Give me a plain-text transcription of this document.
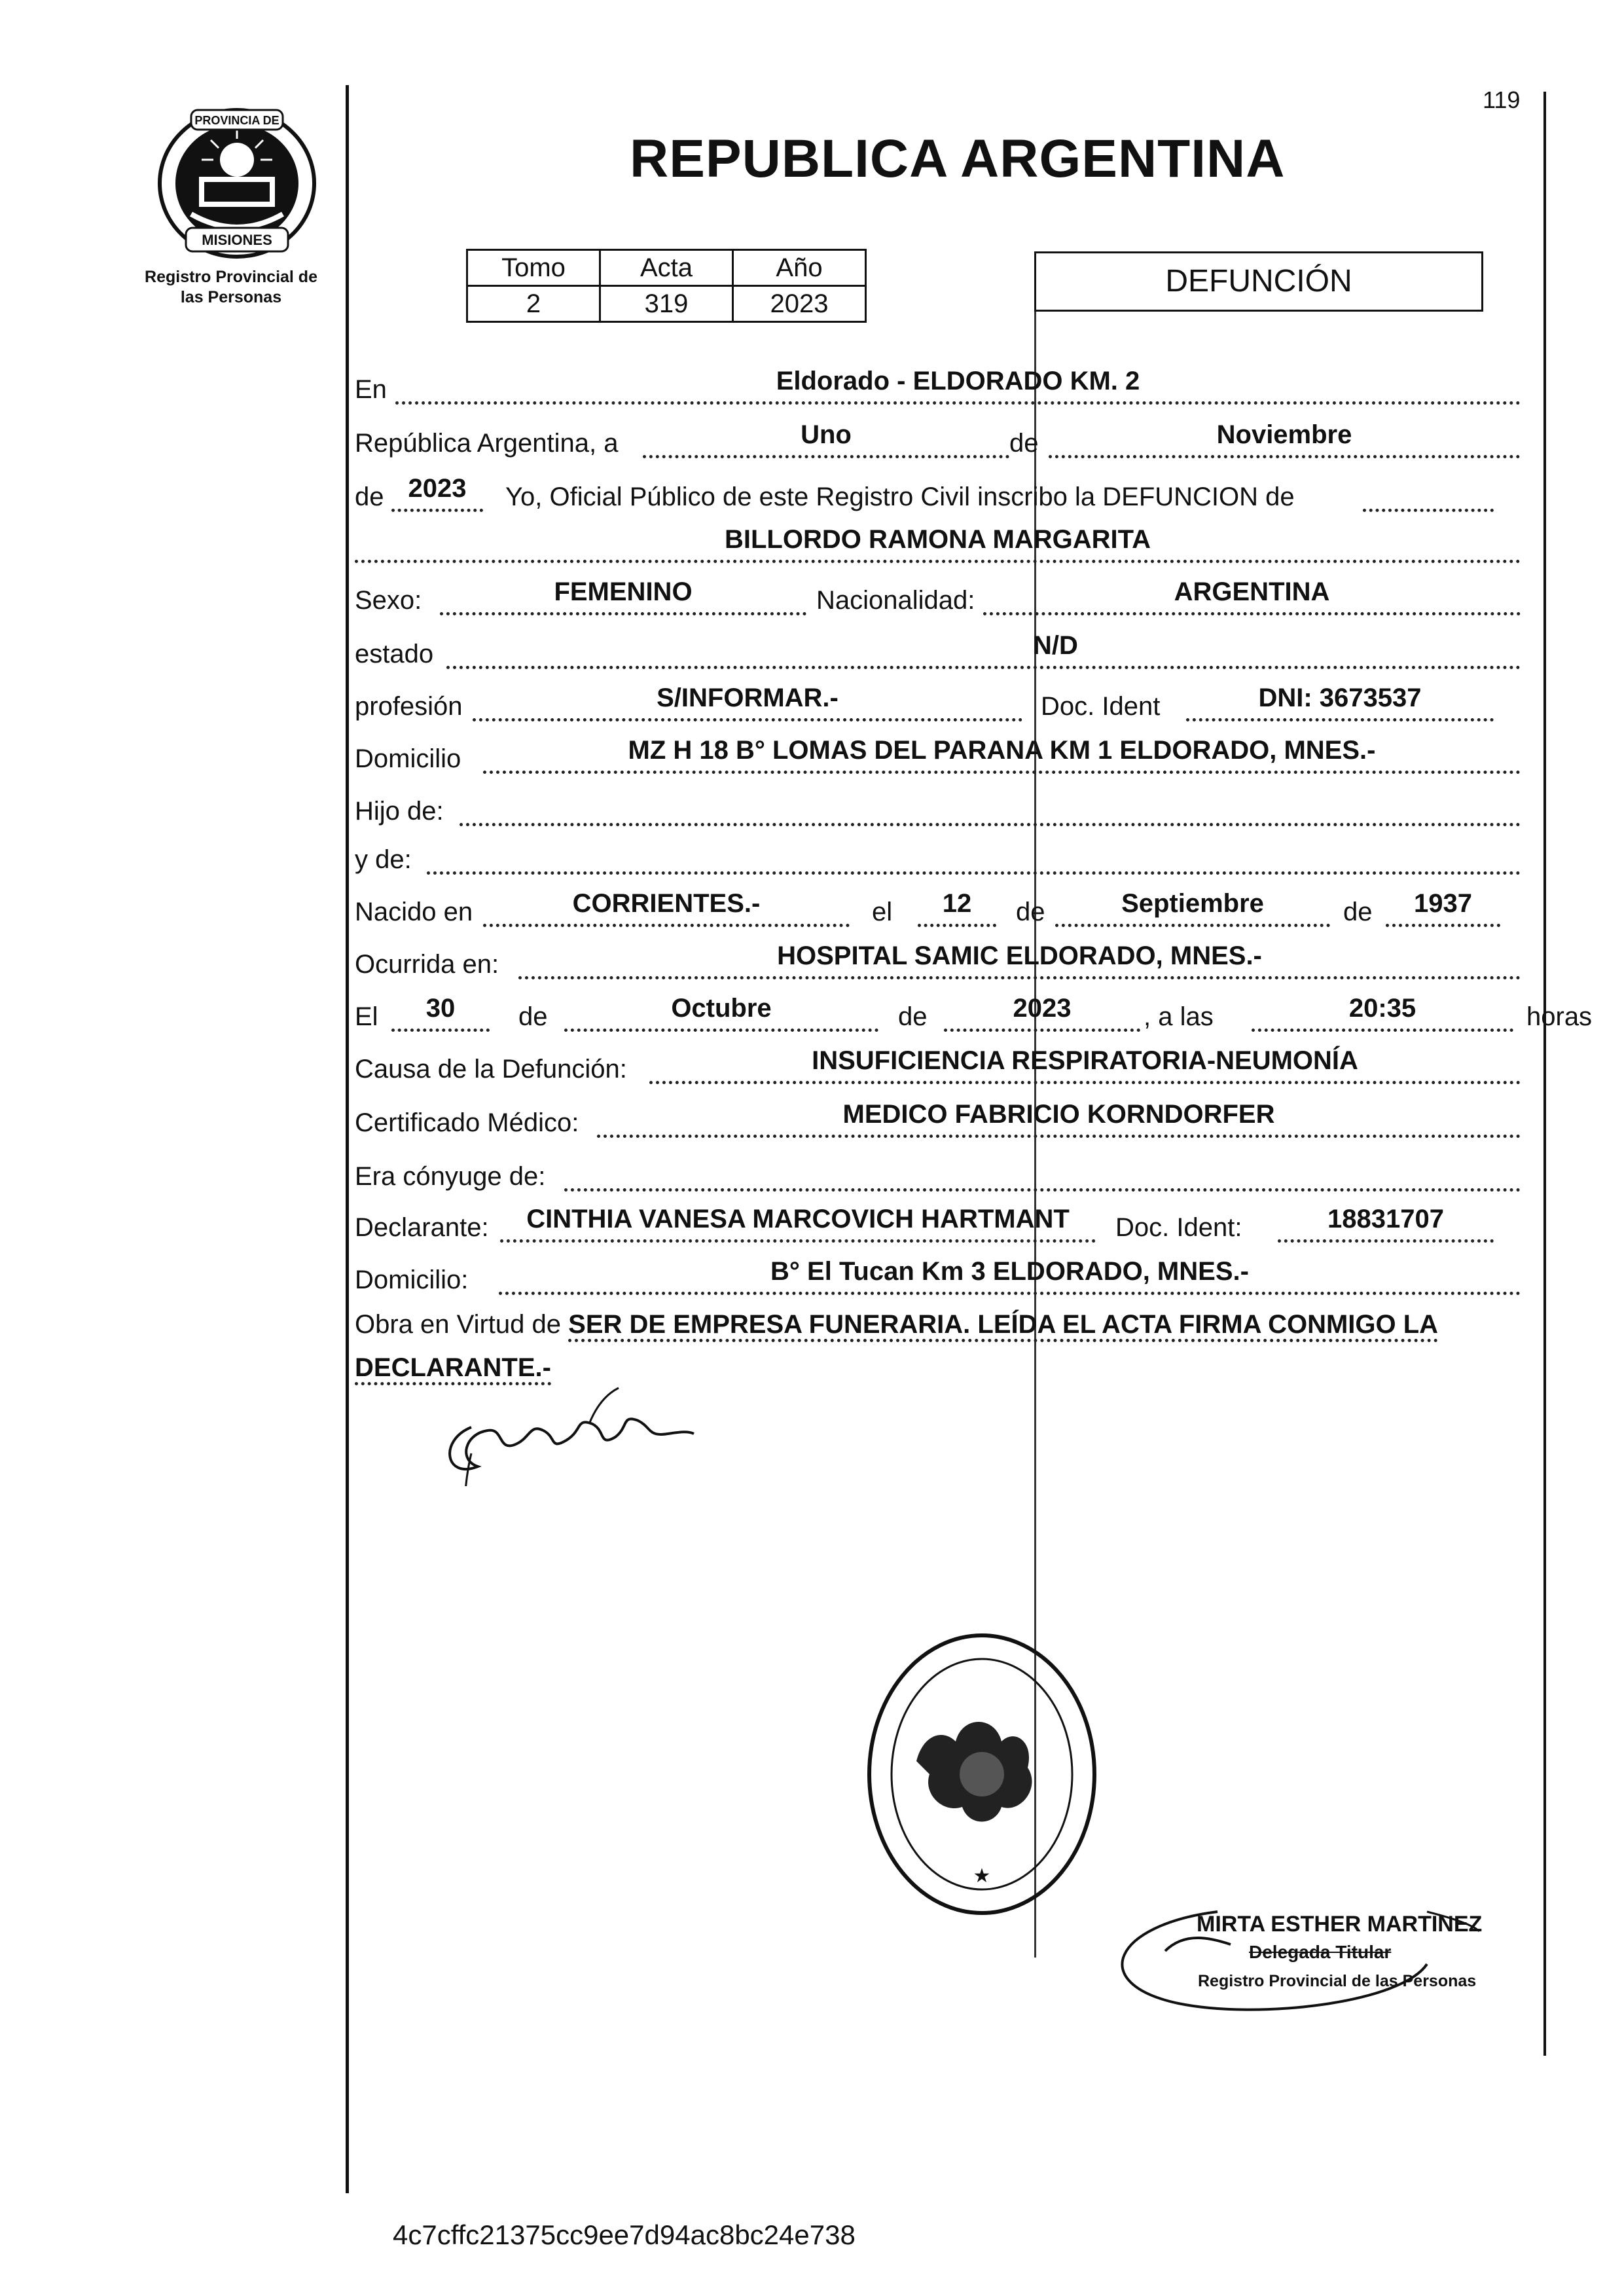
PROVINCIA DE
MISIONES
Registro Provincial de
las Personas
119
REPUBLICA ARGENTINA
Tomo	Acta	Año
2	319	2023
DEFUNCIÓN
En	Eldorado - ELDORADO KM. 2
República Argentina, a	Uno	de	Noviembre
de 2023	Yo, Oficial Público de este Registro Civil inscribo la DEFUNCION de
BILLORDO RAMONA MARGARITA
Sexo:	FEMENINO	Nacionalidad:	ARGENTINA
estado	N/D
profesión	S/INFORMAR.-	Doc. Ident	DNI: 3673537
Domicilio	MZ H 18 B° LOMAS DEL PARANA KM 1 ELDORADO, MNES.-
Hijo de:
y de:
Nacido en	CORRIENTES.-	el	12	de	Septiembre	de	1937
Ocurrida en:	HOSPITAL SAMIC ELDORADO, MNES.-
El	30	de	Octubre	de	2023	, a las	20:35	horas
Causa de la Defunción:	INSUFICIENCIA RESPIRATORIA-NEUMONÍA
Certificado Médico:	MEDICO FABRICIO KORNDORFER
Era cónyuge de:
Declarante:	CINTHIA VANESA MARCOVICH HARTMANT	Doc. Ident:	18831707
Domicilio:	B° El Tucan Km 3 ELDORADO, MNES.-
Obra en Virtud de SER DE EMPRESA FUNERARIA. LEÍDA EL ACTA FIRMA CONMIGO LA DECLARANTE.-
★
MIRTA ESTHER MARTINEZ
Delegada Titular
Registro Provincial de las Personas
4c7cffc21375cc9ee7d94ac8bc24e738
